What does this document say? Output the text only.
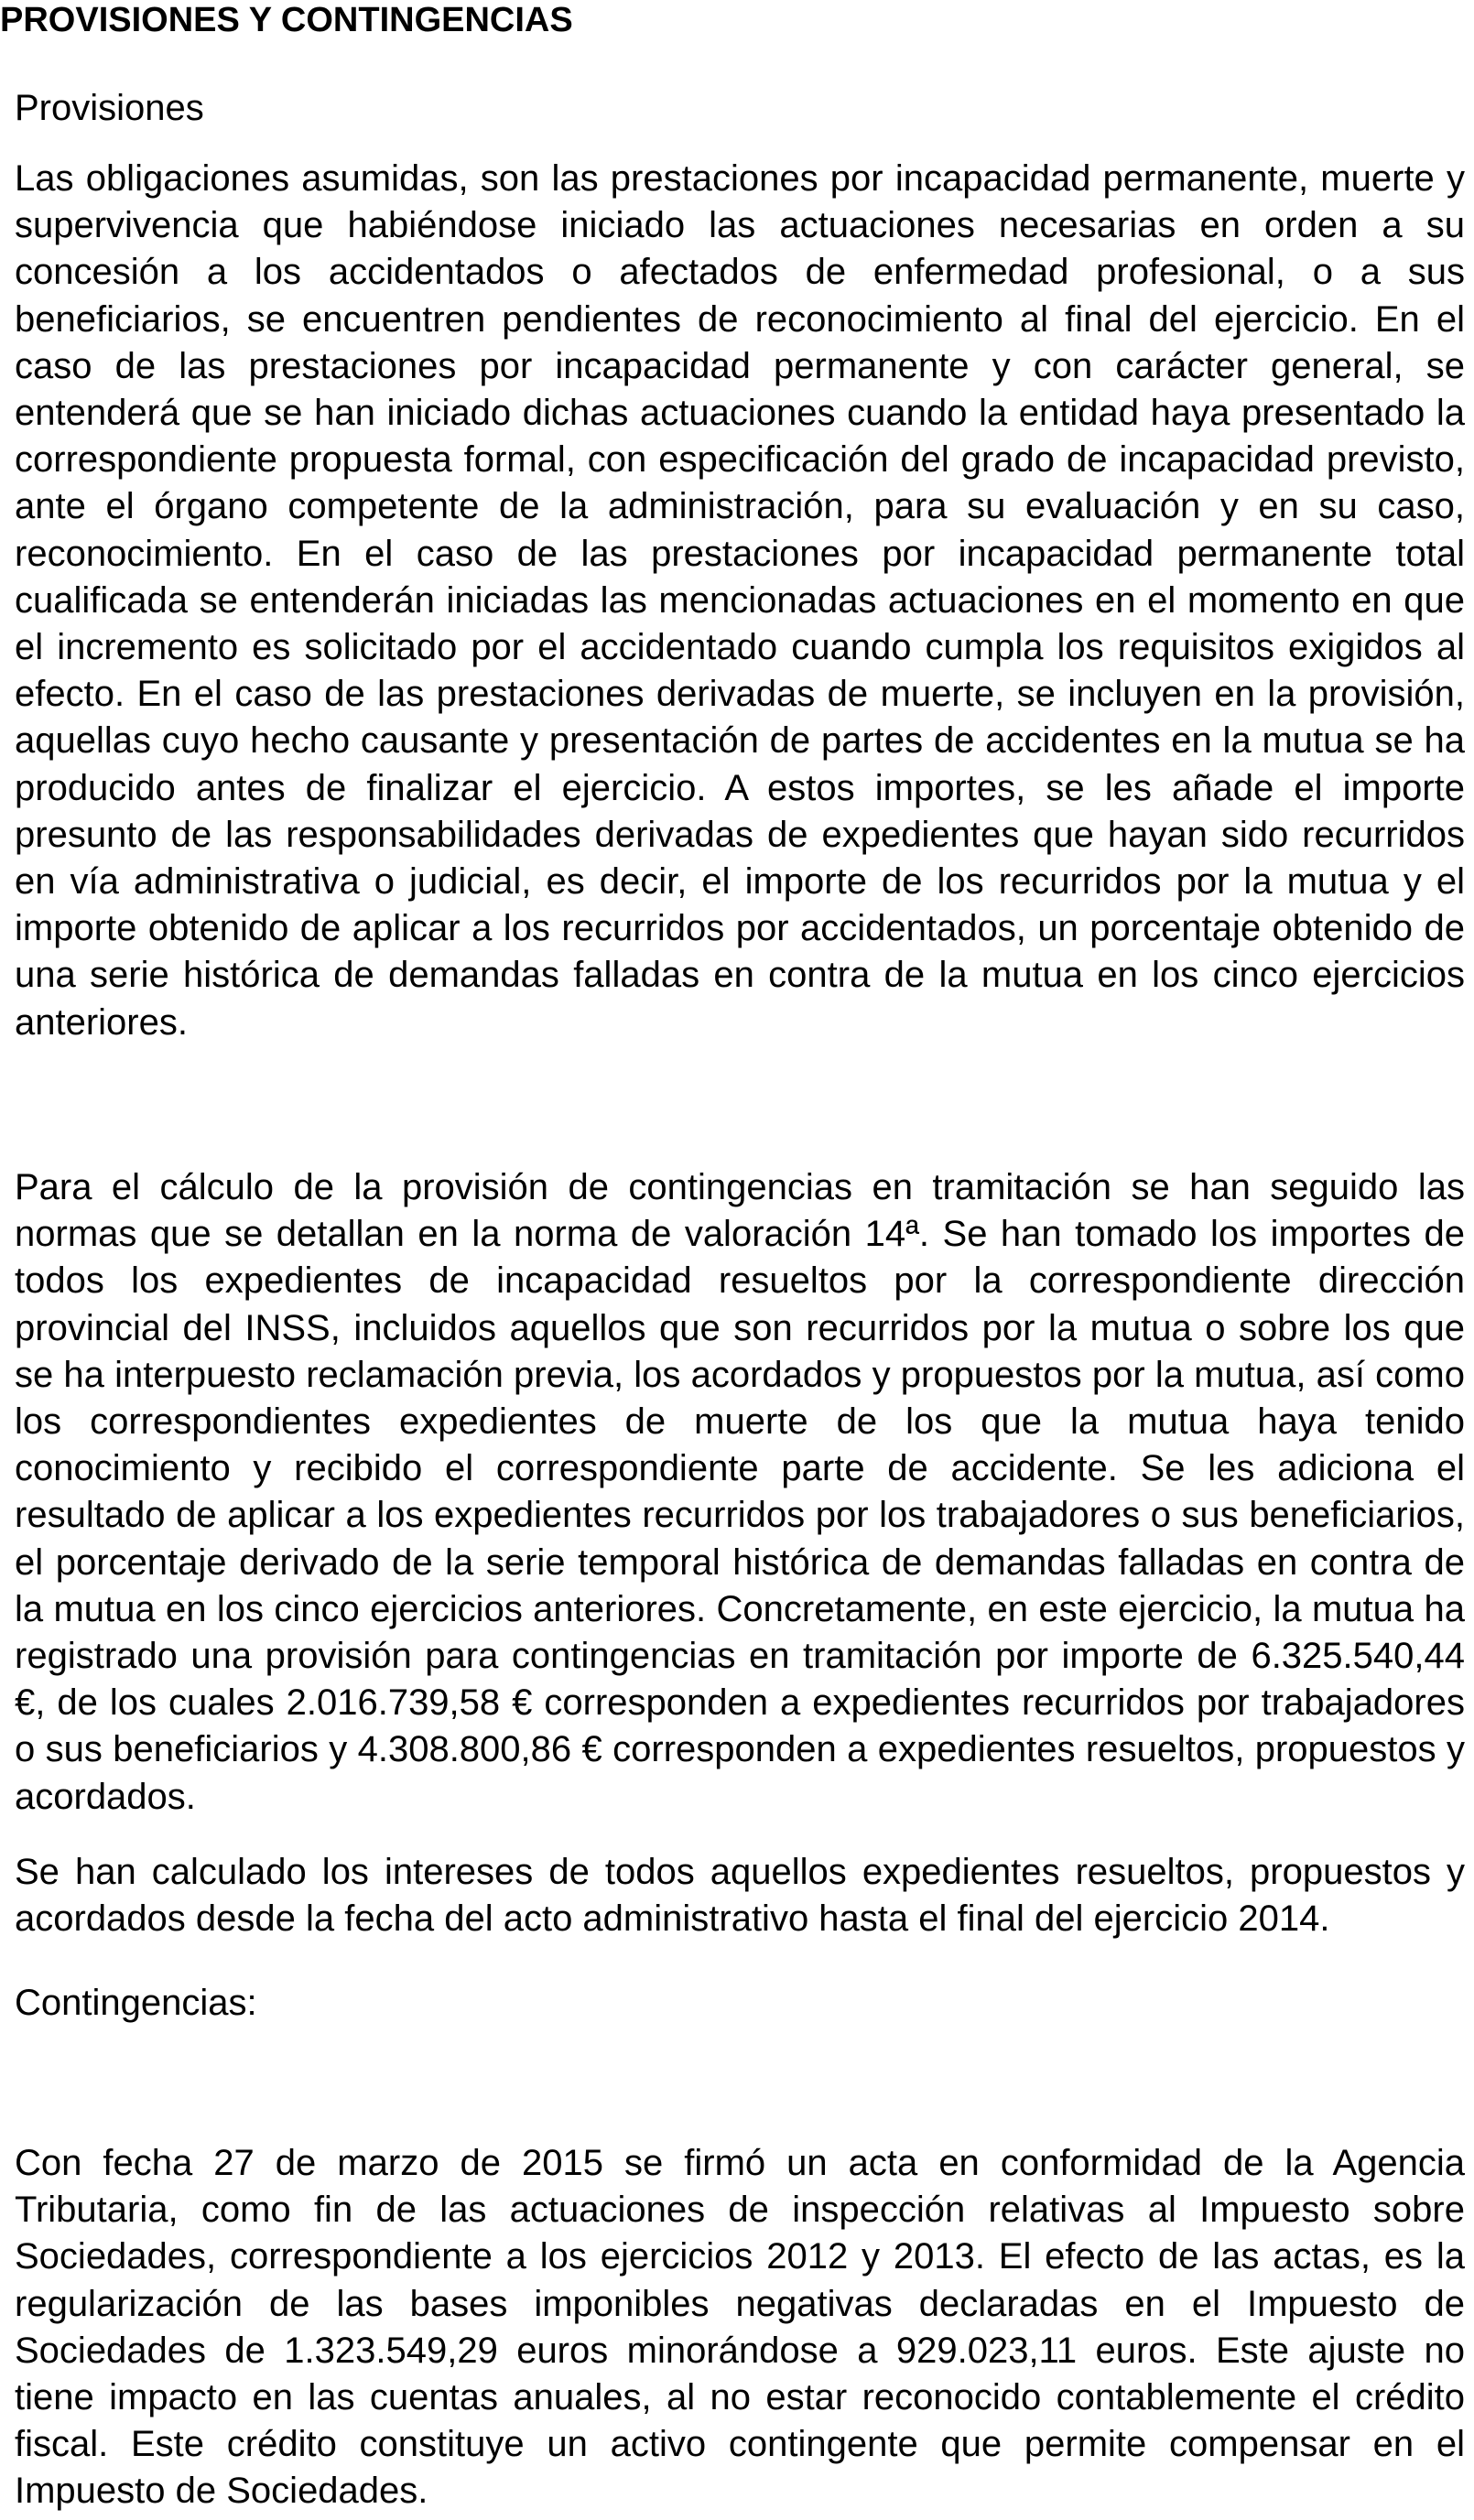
PROVISIONES Y CONTINGENCIAS
Provisiones

Las obligaciones asumidas, son las prestaciones por incapacidad permanente, muerte y supervivencia que habiéndose iniciado las actuaciones necesarias en orden a su concesión a los accidentados o afectados de enfermedad profesional, o a sus beneficiarios, se encuentren pendientes de reconocimiento al final del ejercicio. En el caso de las prestaciones por incapacidad permanente y con carácter general, se entenderá que se han iniciado dichas actuaciones cuando la entidad haya presentado la correspondiente propuesta formal, con especificación del grado de incapacidad previsto, ante el órgano competente de la administración, para su evaluación y en su caso, reconocimiento. En el caso de las prestaciones por incapacidad permanente total cualificada se entenderán iniciadas las mencionadas actuaciones en el momento en que el incremento es solicitado por el accidentado cuando cumpla los requisitos exigidos al efecto. En el caso de las prestaciones derivadas de muerte, se incluyen en la provisión, aquellas cuyo hecho causante y presentación de partes de accidentes en la mutua se ha producido antes de finalizar el ejercicio. A estos importes, se les añade el importe presunto de las responsabilidades derivadas de expedientes que hayan sido recurridos en vía administrativa o judicial, es decir, el importe de los recurridos por la mutua y el importe obtenido de aplicar a los recurridos por accidentados, un porcentaje obtenido de una serie histórica de demandas falladas en contra de la mutua en los cinco ejercicios anteriores.

Para el cálculo de la provisión de contingencias en tramitación se han seguido las normas que se detallan en la norma de valoración 14ª. Se han tomado los importes de todos los expedientes de incapacidad resueltos por la correspondiente dirección provincial del INSS, incluidos aquellos que son recurridos por la mutua o sobre los que se ha interpuesto reclamación previa, los acordados y propuestos por la mutua, así como los correspondientes expedientes de muerte de los que la mutua haya tenido conocimiento y recibido el correspondiente parte de accidente. Se les adiciona el resultado de aplicar a los expedientes recurridos por los trabajadores o sus beneficiarios, el porcentaje derivado de la serie temporal histórica de demandas falladas en contra de la mutua en los cinco ejercicios anteriores. Concretamente, en este ejercicio, la mutua ha registrado una provisión para contingencias en tramitación por importe de 6.325.540,44 €, de los cuales 2.016.739,58 € corresponden a expedientes recurridos por trabajadores o sus beneficiarios y 4.308.800,86 € corresponden a expedientes resueltos, propuestos y acordados.

Se han calculado los intereses de todos aquellos expedientes resueltos, propuestos y acordados desde la fecha del acto administrativo hasta el final del ejercicio 2014.

Contingencias:

Con fecha 27 de marzo de 2015 se firmó un acta en conformidad de la Agencia Tributaria, como fin de las actuaciones de inspección relativas al Impuesto sobre Sociedades, correspondiente a los ejercicios 2012 y 2013. El efecto de las actas, es la regularización de las bases imponibles negativas declaradas en el Impuesto de Sociedades de 1.323.549,29 euros minorándose a 929.023,11 euros. Este ajuste no tiene impacto en las cuentas anuales, al no estar reconocido contablemente el crédito fiscal. Este crédito constituye un activo contingente que permite compensar en el Impuesto de Sociedades.
